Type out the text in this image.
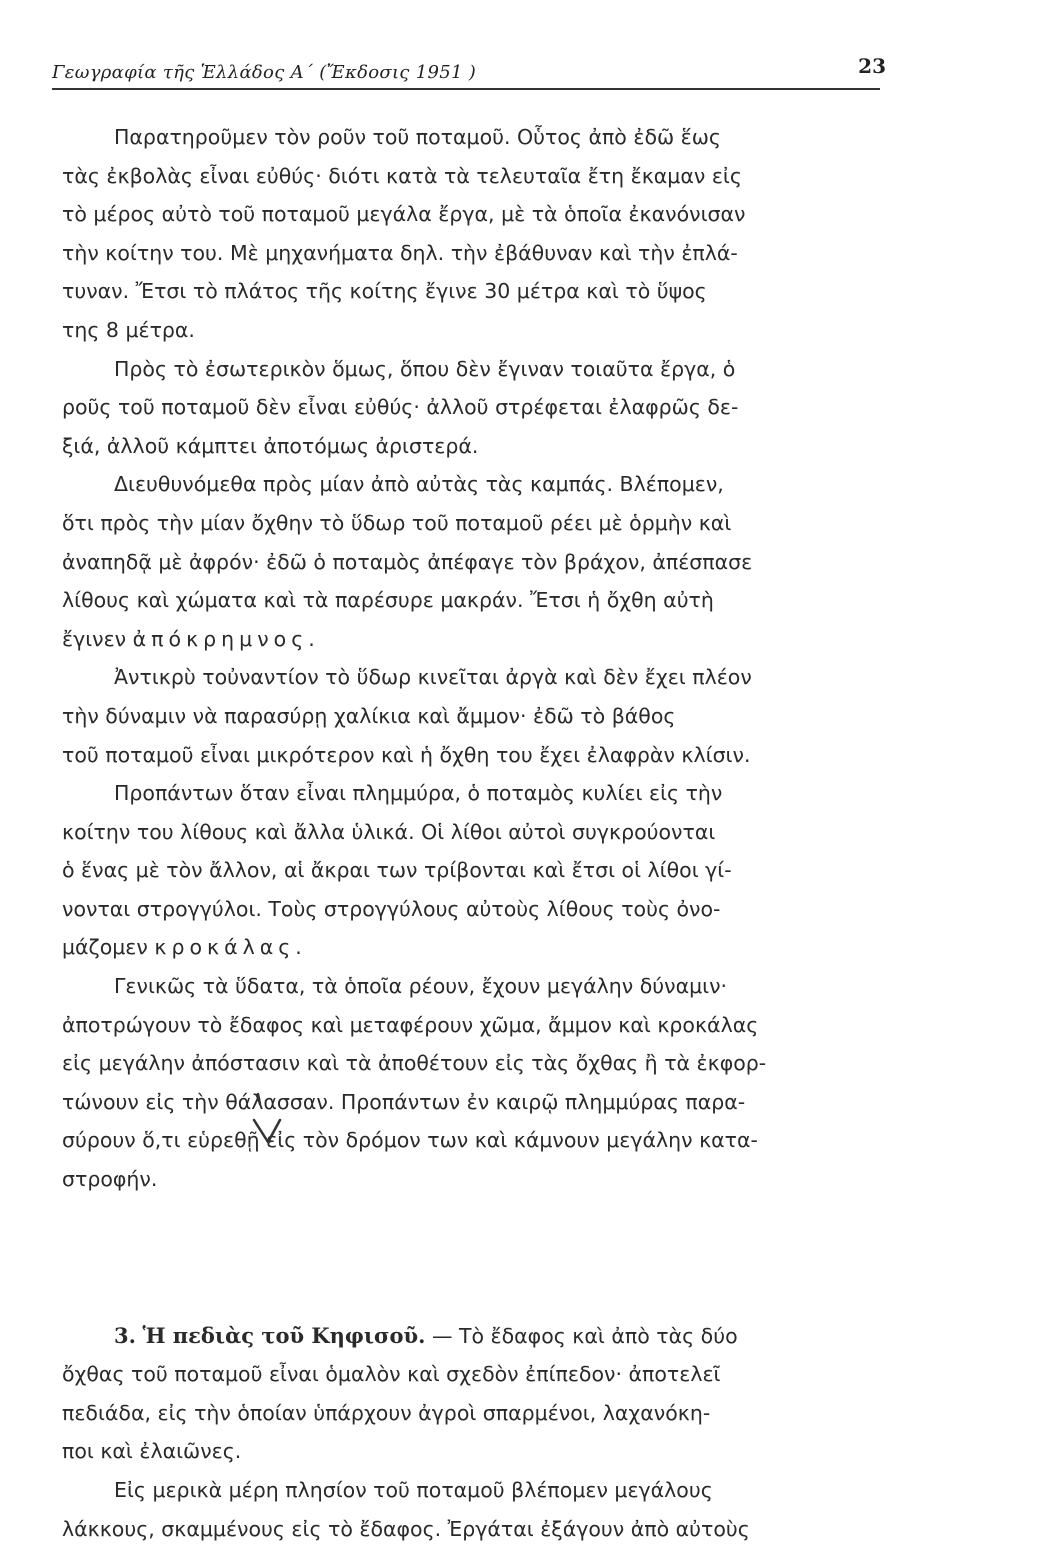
Γεωγραφία τῆς Ἑλλάδος Α΄ (Ἔκδοσις 1951 )	23
Παρατηροῦμεν τὸν ροῦν τοῦ ποταμοῦ. Οὗτος ἀπὸ ἐδῶ ἕως
τὰς ἐκβολὰς εἶναι εὐθύς· διότι κατὰ τὰ τελευταῖα ἔτη ἔκαμαν εἰς
τὸ μέρος αὐτὸ τοῦ ποταμοῦ μεγάλα ἔργα, μὲ τὰ ὁποῖα ἐκανόνισαν
τὴν κοίτην του. Μὲ μηχανήματα δηλ. τὴν ἐβάθυναν καὶ τὴν ἐπλά-
τυναν. Ἔτσι τὸ πλάτος τῆς κοίτης ἔγινε 30 μέτρα καὶ τὸ ὕψος
της 8 μέτρα.
Πρὸς τὸ ἐσωτερικὸν ὅμως, ὅπου δὲν ἔγιναν τοιαῦτα ἔργα, ὁ
ροῦς τοῦ ποταμοῦ δὲν εἶναι εὐθύς· ἀλλοῦ στρέφεται ἐλαφρῶς δε-
ξιά, ἀλλοῦ κάμπτει ἀποτόμως ἀριστερά.
Διευθυνόμεθα πρὸς μίαν ἀπὸ αὐτὰς τὰς καμπάς. Βλέπομεν,
ὅτι πρὸς τὴν μίαν ὄχθην τὸ ὕδωρ τοῦ ποταμοῦ ρέει μὲ ὁρμὴν καὶ
ἀναπηδᾷ μὲ ἀφρόν· ἐδῶ ὁ ποταμὸς ἀπέφαγε τὸν βράχον, ἀπέσπασε
λίθους καὶ χώματα καὶ τὰ παρέσυρε μακράν. Ἔτσι ἡ ὄχθη αὐτὴ
ἔγινεν ἀπόκρημνος.
Ἀντικρὺ τοὐναντίον τὸ ὕδωρ κινεῖται ἀργὰ καὶ δὲν ἔχει πλέον
τὴν δύναμιν νὰ παρασύρῃ χαλίκια καὶ ἄμμον· ἐδῶ τὸ βάθος
τοῦ ποταμοῦ εἶναι μικρότερον καὶ ἡ ὄχθη του ἔχει ἐλαφρὰν κλίσιν.
Προπάντων ὅταν εἶναι πλημμύρα, ὁ ποταμὸς κυλίει εἰς τὴν
κοίτην του λίθους καὶ ἄλλα ὑλικά. Οἱ λίθοι αὐτοὶ συγκρούονται
ὁ ἕνας μὲ τὸν ἄλλον, αἱ ἄκραι των τρίβονται καὶ ἔτσι οἱ λίθοι γί-
νονται στρογγύλοι. Τοὺς στρογγύλους αὐτοὺς λίθους τοὺς ὀνο-
μάζομεν κροκάλας.
Γενικῶς τὰ ὕδατα, τὰ ὁποῖα ρέουν, ἔχουν μεγάλην δύναμιν·
ἀποτρώγουν τὸ ἔδαφος καὶ μεταφέρουν χῶμα, ἄμμον καὶ κροκάλας
εἰς μεγάλην ἀπόστασιν καὶ τὰ ἀποθέτουν εἰς τὰς ὄχθας ἢ τὰ ἐκφορ-
τώνουν εἰς τὴν θάλασσαν. Προπάντων ἐν καιρῷ πλημμύρας παρα-
σύρουν ὅ,τι εὑρεθῇ εἰς τὸν δρόμον των καὶ κάμνουν μεγάλην κατα-
στροφήν.
3. Ἡ πεδιὰς τοῦ Κηφισοῦ. — Τὸ ἔδαφος καὶ ἀπὸ τὰς δύο
ὄχθας τοῦ ποταμοῦ εἶναι ὁμαλὸν καὶ σχεδὸν ἐπίπεδον· ἀποτελεῖ
πεδιάδα, εἰς τὴν ὁποίαν ὑπάρχουν ἀγροὶ σπαρμένοι, λαχανόκη-
ποι καὶ ἐλαιῶνες.
Εἰς μερικὰ μέρη πλησίον τοῦ ποταμοῦ βλέπομεν μεγάλους
λάκκους, σκαμμένους εἰς τὸ ἔδαφος. Ἐργάται ἐξάγουν ἀπὸ αὐτοὺς
